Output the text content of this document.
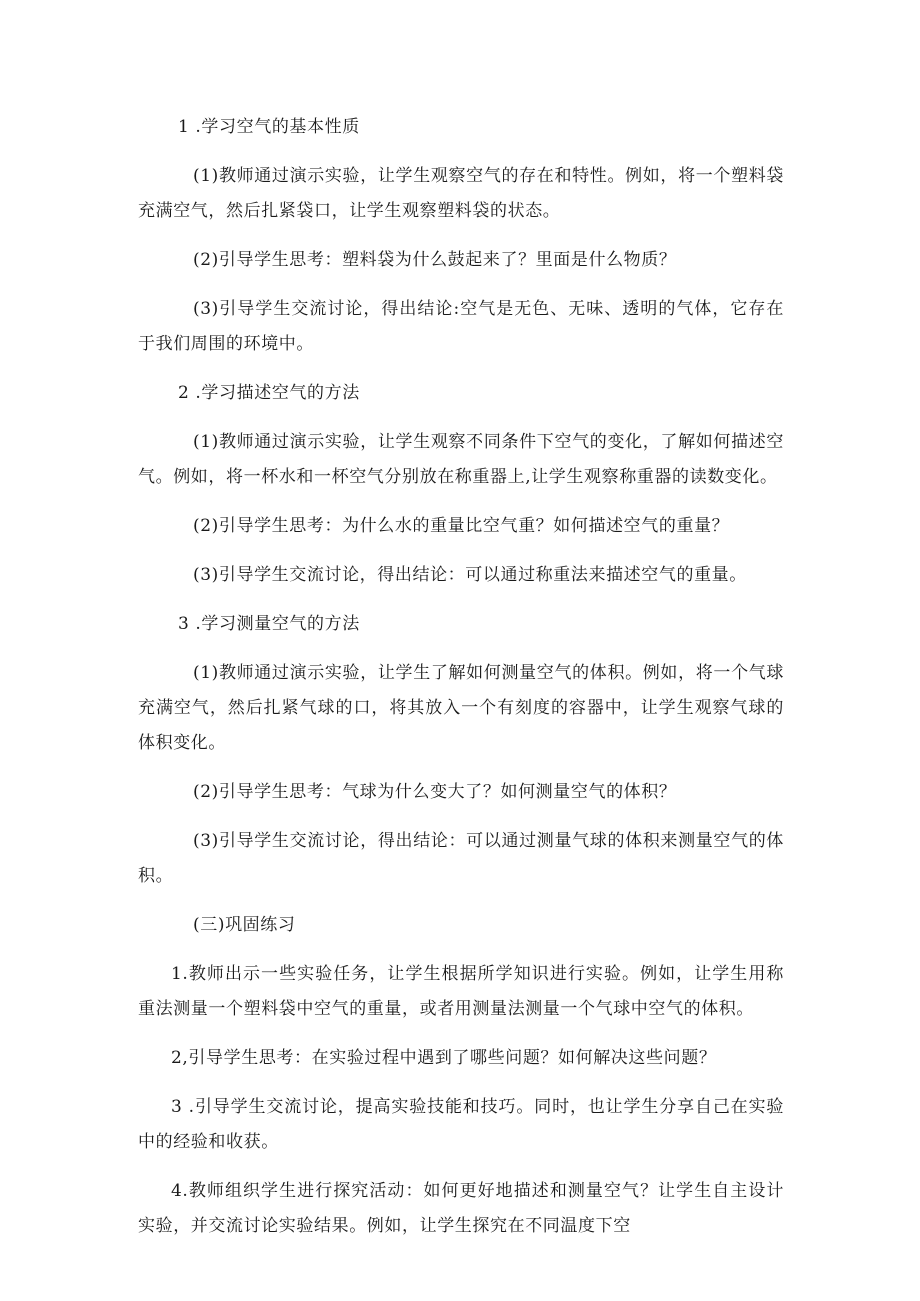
1 .学习空气的基本性质

(1)教师通过演示实验，让学生观察空气的存在和特性。例如，将一个塑料袋充满空气，然后扎紧袋口，让学生观察塑料袋的状态。

(2)引导学生思考：塑料袋为什么鼓起来了？里面是什么物质？

(3)引导学生交流讨论，得出结论:空气是无色、无味、透明的气体，它存在于我们周围的环境中。

2 .学习描述空气的方法

(1)教师通过演示实验，让学生观察不同条件下空气的变化，了解如何描述空气。例如，将一杯水和一杯空气分别放在称重器上,让学生观察称重器的读数变化。

(2)引导学生思考：为什么水的重量比空气重？如何描述空气的重量？

(3)引导学生交流讨论，得出结论：可以通过称重法来描述空气的重量。

3 .学习测量空气的方法

(1)教师通过演示实验，让学生了解如何测量空气的体积。例如，将一个气球充满空气，然后扎紧气球的口，将其放入一个有刻度的容器中，让学生观察气球的体积变化。

(2)引导学生思考：气球为什么变大了？如何测量空气的体积？

(3)引导学生交流讨论，得出结论：可以通过测量气球的体积来测量空气的体积。

(三)巩固练习

1.教师出示一些实验任务，让学生根据所学知识进行实验。例如，让学生用称重法测量一个塑料袋中空气的重量，或者用测量法测量一个气球中空气的体积。

2,引导学生思考：在实验过程中遇到了哪些问题？如何解决这些问题？

3 .引导学生交流讨论，提高实验技能和技巧。同时，也让学生分享自己在实验中的经验和收获。

4.教师组织学生进行探究活动：如何更好地描述和测量空气？让学生自主设计实验，并交流讨论实验结果。例如，让学生探究在不同温度下空
